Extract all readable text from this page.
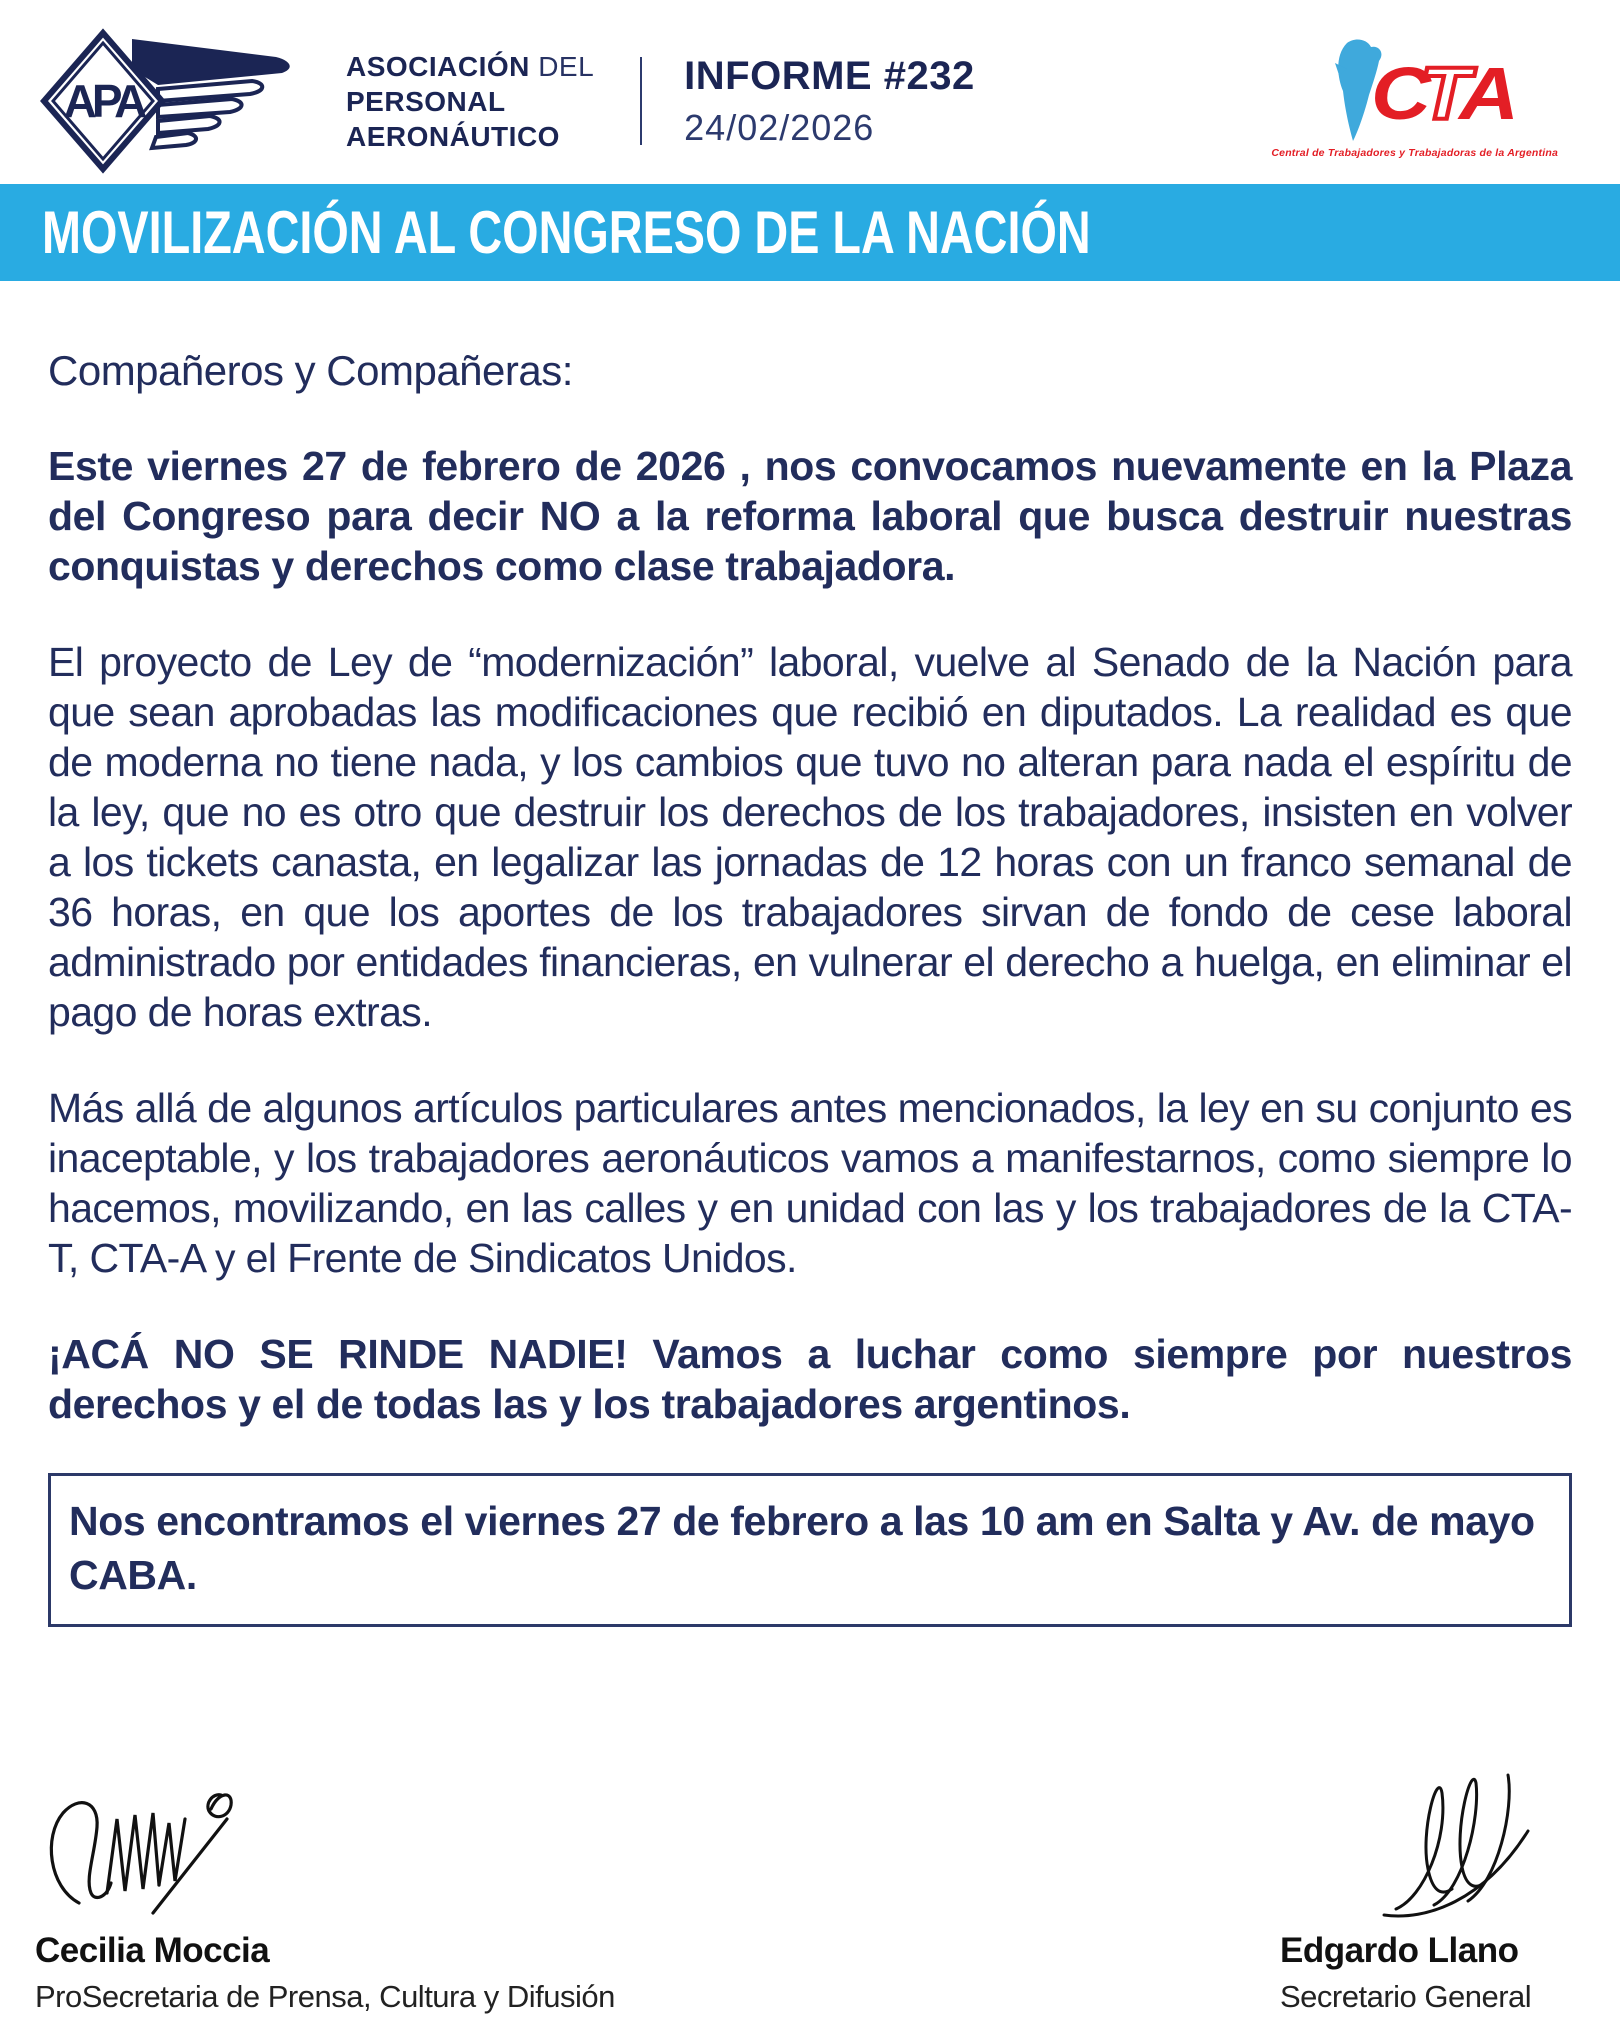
APA
ASOCIACIÓN DEL
PERSONAL
AERONÁUTICO
INFORME #232
24/02/2026	CTA
Central de Trabajadores y Trabajadoras de la Argentina
MOVILIZACIÓN AL CONGRESO DE LA NACIÓN
Compañeros y Compañeras:

Este viernes 27 de febrero de 2026 , nos convocamos nuevamente en la Plaza del Congreso para decir NO a la reforma laboral que busca destruir nuestras conquistas y derechos como clase trabajadora.

El proyecto de Ley de “modernización” laboral, vuelve al Senado de la Nación para que sean aprobadas las modificaciones que recibió en diputados. La realidad es que de moderna no tiene nada, y los cambios que tuvo no alteran para nada el espíritu de la ley, que no es otro que destruir los derechos de los trabajadores, insisten en volver a los tickets canasta, en legalizar las jornadas de 12 horas con un franco semanal de 36 horas, en que los aportes de los trabajadores sirvan de fondo de cese laboral administrado por entidades financieras, en vulnerar el derecho a huelga, en eliminar el pago de horas extras.

Más allá de algunos artículos particulares antes mencionados, la ley en su conjunto es inaceptable, y los trabajadores aeronáuticos vamos a manifestarnos, como siempre lo hacemos, movilizando, en las calles y en unidad con las y los trabajadores de la CTA-T, CTA-A y el Frente de Sindicatos Unidos.

¡ACÁ NO SE RINDE NADIE! Vamos a luchar como siempre por nuestros derechos y el de todas las y los trabajadores argentinos.

Nos encontramos el viernes 27 de febrero a las 10 am en Salta y Av. de mayo CABA.

Cecilia Moccia
ProSecretaria de Prensa, Cultura y Difusión
Edgardo Llano
Secretario General
